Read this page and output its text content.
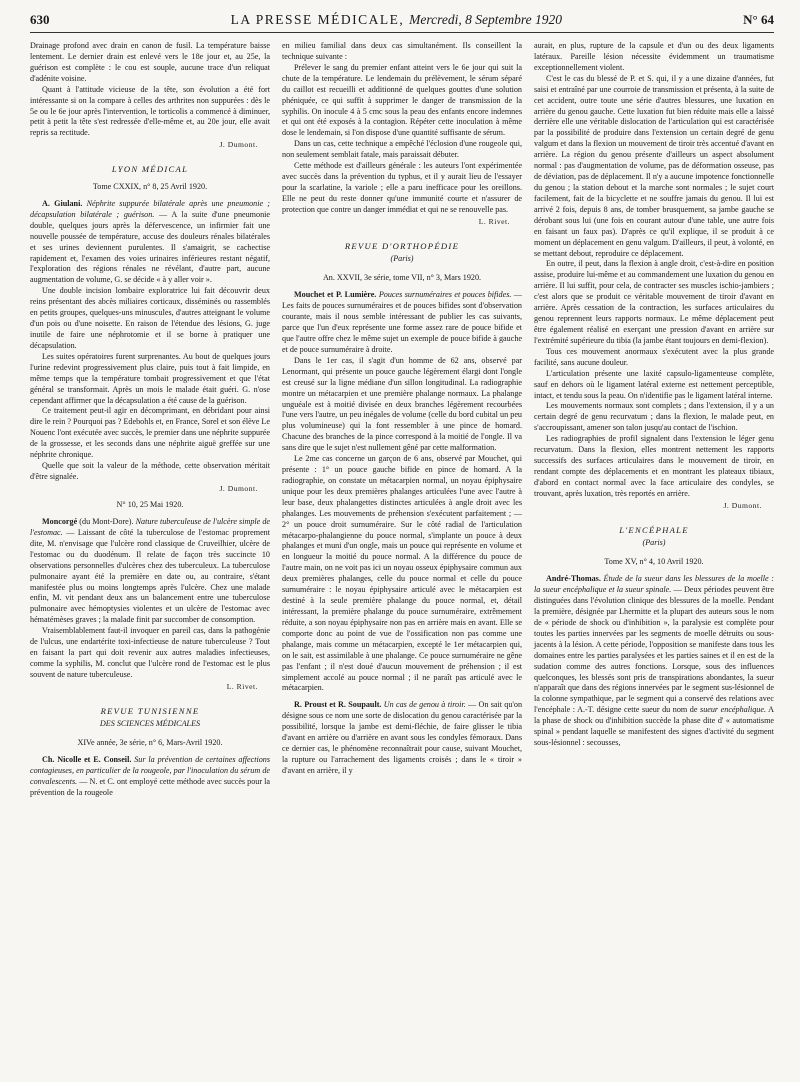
630	LA PRESSE MÉDICALE, Mercredi, 8 Septembre 1920	N° 64

Drainage profond avec drain en canon de fusil. La température baisse lentement. Le dernier drain est enlevé vers le 18e jour et, au 25e, la guérison est complète : le cou est souple, aucune trace d'un reliquat d'adénite voisine.

Quant à l'attitude vicieuse de la tête, son évolution a été fort intéressante si on la compare à celles des arthrites non suppurées : dès le 5e ou le 6e jour après l'intervention, le torticolis a commencé à diminuer, petit à petit la tête s'est redressée d'elle-même et, au 20e jour, elle avait repris sa rectitude.

J. Dumont.
LYON MÉDICAL
Tome CXXIX, n° 8, 25 Avril 1920.

A. Giulani. Néphrite suppurée bilatérale après une pneumonie ; décapsulation bilatérale ; guérison. — A la suite d'une pneumonie double, quelques jours après la défervescence, un infirmier fait une nouvelle poussée de température, accuse des douleurs rénales bilatérales et ses urines deviennent purulentes. Il s'amaigrit, se cachectise rapidement et, l'examen des voies urinaires inférieures restant négatif, l'exploration des régions rénales ne révélant, d'autre part, aucune augmentation de volume, G. se décide « à y aller voir ».

Une double incision lombaire exploratrice lui fait découvrir deux reins présentant des abcès miliaires corticaux, disséminés ou rassemblés en petits groupes, quelques-uns minuscules, d'autres atteignant le volume d'un pois ou d'une noisette. En raison de l'étendue des lésions, G. juge inutile de faire une néphrotomie et il se borne à pratiquer une décapsulation.

Les suites opératoires furent surprenantes. Au bout de quelques jours l'urine redevint progressivement plus claire, puis tout à fait limpide, en même temps que la température tombait progressivement et que l'état général se transformait. Après un mois le malade était guéri. G. n'ose cependant affirmer que la décapsulation a été cause de la guérison.

Ce traitement peut-il agir en décomprimant, en débridant pour ainsi dire le rein ? Pourquoi pas ? Edebohls et, en France, Sorel et son élève Le Nouenc l'ont exécutée avec succès, le premier dans une néphrite suppurée de la grossesse, et les seconds dans une néphrite aiguë greffée sur une néphrite chronique.

Quelle que soit la valeur de la méthode, cette observation méritait d'être signalée.

J. Dumont.
N° 10, 25 Mai 1920.

Moncorgé (du Mont-Dore). Nature tuberculeuse de l'ulcère simple de l'estomac. — Laissant de côté la tuberculose de l'estomac proprement dite, M. n'envisage que l'ulcère rond classique de Cruveilhier, ulcère de l'estomac ou du duodénum. Il relate de façon très succincte 10 observations personnelles d'ulcères chez des tuberculeux. La tuberculose pulmonaire ayant été la première en date ou, au contraire, s'étant manifestée plus ou moins longtemps après l'ulcère. Chez une malade enfin, M. vit pendant deux ans un balancement entre une tuberculose pulmonaire avec hémoptysies violentes et un ulcère de l'estomac avec hématémèses graves ; la malade finit par succomber de consomption.

Vraisemblablement faut-il invoquer en pareil cas, dans la pathogénie de l'ulcus, une endartérite toxi-infectieuse de nature tuberculeuse ? Tout en faisant la part qui doit revenir aux autres maladies infectieuses, comme la syphilis, M. conclut que l'ulcère rond de l'estomac est le plus souvent de nature tuberculeuse.

L. Rivet.
REVUE TUNISIENNE
DES SCIENCES MÉDICALES
XIVe année, 3e série, n° 6, Mars-Avril 1920.

Ch. Nicolle et E. Conseil. Sur la prévention de certaines affections contagieuses, en particulier de la rougeole, par l'inoculation du sérum de convalescents. — N. et C. ont employé cette méthode avec succès pour la prévention de la rougeole

en milieu familial dans deux cas simultanément. Ils conseillent la technique suivante :

Prélever le sang du premier enfant atteint vers le 6e jour qui suit la chute de la température. Le lendemain du prélèvement, le sérum séparé du caillot est recueilli et additionné de quelques gouttes d'une solution phéniquée, ce qui suffit à supprimer le danger de transmission de la syphilis. On inocule 4 à 5 cmc sous la peau des enfants encore indemnes et qui ont été exposés à la contagion. Répéter cette inoculation à même dose le lendemain, si l'on dispose d'une quantité suffisante de sérum.

Dans un cas, cette technique a empêché l'éclosion d'une rougeole qui, non seulement semblait fatale, mais paraissait débuter.

Cette méthode est d'ailleurs générale : les auteurs l'ont expérimentée avec succès dans la prévention du typhus, et il y aurait lieu de l'essayer pour la scarlatine, la variole ; elle a paru inefficace pour les oreillons. Elle ne peut du reste donner qu'une immunité courte et n'assurer de protection que contre un danger immédiat et qui ne se renouvelle pas.

L. Rivet.
REVUE D'ORTHOPÉDIE
(Paris)
An. XXVII, 3e série, tome VII, n° 3, Mars 1920.

Mouchet et P. Lumière. Pouces surnuméraires et pouces bifides. — Les faits de pouces surnuméraires et de pouces bifides sont d'observation courante, mais il nous semble intéressant de publier les cas suivants, parce que l'un d'eux représente une forme assez rare de pouce bifide et que l'autre offre chez le même sujet un exemple de pouce bifide à gauche et de pouce surnuméraire à droite.

Dans le 1er cas, il s'agit d'un homme de 62 ans, observé par Lenormant, qui présente un pouce gauche légèrement élargi dont l'ongle est creusé sur la ligne médiane d'un sillon longitudinal. La radiographie montre un métacarpien et une première phalange normaux. La phalange unguéale est à moitié divisée en deux branches légèrement recourbées l'une vers l'autre, un peu inégales de volume (celle du bord cubital un peu plus volumineuse) qui la font ressembler à une pince de homard. Chacune des branches de la pince correspond à la moitié de l'ongle. Il va sans dire que le sujet n'est nullement gêné par cette malformation.

Le 2me cas concerne un garçon de 6 ans, observé par Mouchet, qui présente : 1° un pouce gauche bifide en pince de homard. A la radiographie, on constate un métacarpien normal, un noyau épiphysaire unique pour les deux premières phalanges articulées l'une avec l'autre à leur base, deux phalangettes distinctes articulées à angle droit avec les phalanges. Les mouvements de préhension s'exécutent parfaitement ; — 2° un pouce droit surnuméraire. Sur le côté radial de l'articulation métacarpo-phalangienne du pouce normal, s'implante un pouce à deux phalanges et muni d'un ongle, mais un pouce qui représente en volume et en longueur la moitié du pouce normal. A la différence du pouce de l'autre main, on ne voit pas ici un noyau osseux épiphysaire commun aux deux premières phalanges, celle du pouce normal et celle du pouce surnuméraire : le noyau épiphysaire articulé avec le métacarpien est destiné à la seule première phalange du pouce normal, et, détail intéressant, la première phalange du pouce surnuméraire, extrêmement réduite, a son noyau épiphysaire non pas en arrière mais en avant. Elle se comporte donc au point de vue de l'ossification non pas comme une phalange, mais comme un métacarpien, excepté le 1er métacarpien qui, on le sait, est assimilable à une phalange. Ce pouce surnuméraire ne gêne pas l'enfant ; il n'est doué d'aucun mouvement de préhension ; il est simplement accolé au pouce normal ; il ne paraît pas articulé avec le métacarpien.

R. Proust et R. Soupault. Un cas de genou à tiroir. — On sait qu'on désigne sous ce nom une sorte de dislocation du genou caractérisée par la possibilité, lorsque la jambe est demi-fléchie, de faire glisser le tibia d'avant en arrière ou d'arrière en avant sous les condyles fémoraux. Dans ce dernier cas, le phénomène reconnaîtrait pour cause, suivant Mouchet, la rupture ou l'arrachement des ligaments croisés ; dans le « tiroir » d'avant en arrière, il y

aurait, en plus, rupture de la capsule et d'un ou des deux ligaments latéraux. Pareille lésion nécessite évidemment un traumatisme exceptionnellement violent.

C'est le cas du blessé de P. et S. qui, il y a une dizaine d'années, fut saisi et entraîné par une courroie de transmission et présenta, à la suite de cet accident, outre toute une série d'autres blessures, une luxation en arrière du genou gauche. Cette luxation fut bien réduite mais elle a laissé derrière elle une véritable dislocation de l'articulation qui est caractérisée par la possibilité de produire dans l'extension un certain degré de genu valgum et dans la flexion un mouvement de tiroir très accentué d'avant en arrière. La région du genou présente d'ailleurs un aspect absolument normal : pas d'augmentation de volume, pas de déformation osseuse, pas de déviation, pas de déplacement. Il n'y a aucune impotence fonctionnelle du genou ; la station debout et la marche sont normales ; le sujet court facilement, fait de la bicyclette et ne souffre jamais du genou. Il lui est arrivé 2 fois, depuis 8 ans, de tomber brusquement, sa jambe gauche se dérobant sous lui (une fois en courant autour d'une table, une autre fois en faisant un faux pas). D'après ce qu'il explique, il se produit à ce moment un déplacement en genu valgum. D'ailleurs, il peut, à volonté, en se mettant debout, reproduire ce déplacement.

En outre, il peut, dans la flexion à angle droit, c'est-à-dire en position assise, produire lui-même et au commandement une luxation du genou en arrière. Il lui suffit, pour cela, de contracter ses muscles ischio-jambiers ; c'est alors que se produit ce véritable mouvement de tiroir d'avant en arrière. Après cessation de la contraction, les surfaces articulaires du genou reprennent leurs rapports normaux. Le même déplacement peut être également réalisé en exerçant une pression d'avant en arrière sur l'extrémité supérieure du tibia (la jambe étant toujours en demi-flexion).

Tous ces mouvement anormaux s'exécutent avec la plus grande facilité, sans aucune douleur.

L'articulation présente une laxité capsulo-ligamenteuse complète, sauf en dehors où le ligament latéral externe est nettement perceptible, intact, et tendu sous la peau. On n'identifie pas le ligament latéral interne.

Les mouvements normaux sont complets ; dans l'extension, il y a un certain degré de genu recurvatum ; dans la flexion, le malade peut, en s'accroupissant, amener son talon jusqu'au contact de l'ischion.

Les radiographies de profil signalent dans l'extension le léger genu recurvatum. Dans la flexion, elles montrent nettement les rapports successifs des surfaces articulaires dans le mouvement de tiroir, en rendant compte des déplacements et en montrant les plateaux tibiaux, d'abord en contact normal avec la face articulaire des condyles, se trouvant, après luxation, très reportés en arrière.

J. Dumont.
L'ENCÉPHALE
(Paris)
Tome XV, n° 4, 10 Avril 1920.

André-Thomas. Étude de la sueur dans les blessures de la moelle : la sueur encéphalique et la sueur spinale. — Deux périodes peuvent être distinguées dans l'évolution clinique des blessures de la moelle. Pendant la première, désignée par Lhermitte et la plupart des auteurs sous le nom de « période de shock ou d'inhibition », la paralysie est complète pour toutes les parties innervées par les segments de moelle détruits ou sous-jacents à la lésion. A cette période, l'opposition se manifeste dans tous les domaines entre les parties paralysées et les parties saines et il en est de la sudation comme des autres fonctions. Lorsque, sous des influences quelconques, les blessés sont pris de transpirations abondantes, la sueur n'apparaît que dans des régions innervées par le segment sus-lésionnel de la colonne sympathique, par le segment qui a conservé des relations avec l'encéphale : A.-T. désigne cette sueur du nom de sueur encéphalique. A la phase de shock ou d'inhibition succède la phase dite d' « automatisme spinal » pendant laquelle se manifestent des signes d'activité du segment sous-lésionnel : secousses,
